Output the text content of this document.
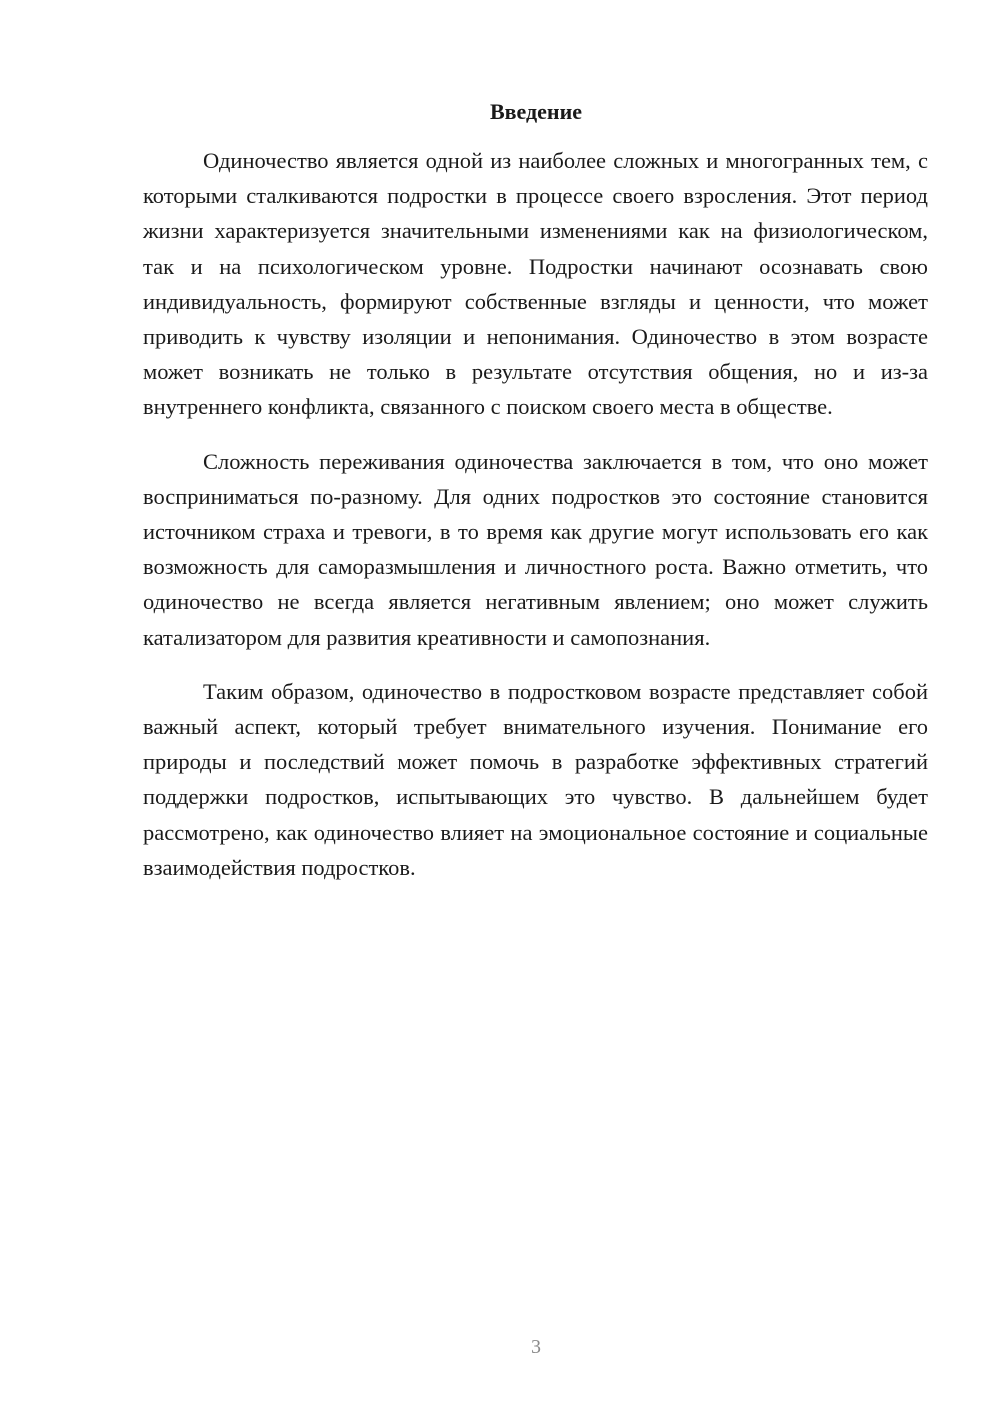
Введение

Одиночество является одной из наиболее сложных и многогранных тем, с которыми сталкиваются подростки в процессе своего взросления. Этот период жизни характеризуется значительными изменениями как на физиологическом, так и на психологическом уровне. Подростки начинают осознавать свою индивидуальность, формируют собственные взгляды и ценности, что может приводить к чувству изоляции и непонимания. Одиночество в этом возрасте может возникать не только в результате отсутствия общения, но и из-за внутреннего конфликта, связанного с поиском своего места в обществе.

Сложность переживания одиночества заключается в том, что оно может восприниматься по-разному. Для одних подростков это состояние становится источником страха и тревоги, в то время как другие могут использовать его как возможность для саморазмышления и личностного роста. Важно отметить, что одиночество не всегда является негативным явлением; оно может служить катализатором для развития креативности и самопознания.

Таким образом, одиночество в подростковом возрасте представляет собой важный аспект, который требует внимательного изучения. Понимание его природы и последствий может помочь в разработке эффективных стратегий поддержки подростков, испытывающих это чувство. В дальнейшем будет рассмотрено, как одиночество влияет на эмоциональное состояние и социальные взаимодействия подростков.

3
